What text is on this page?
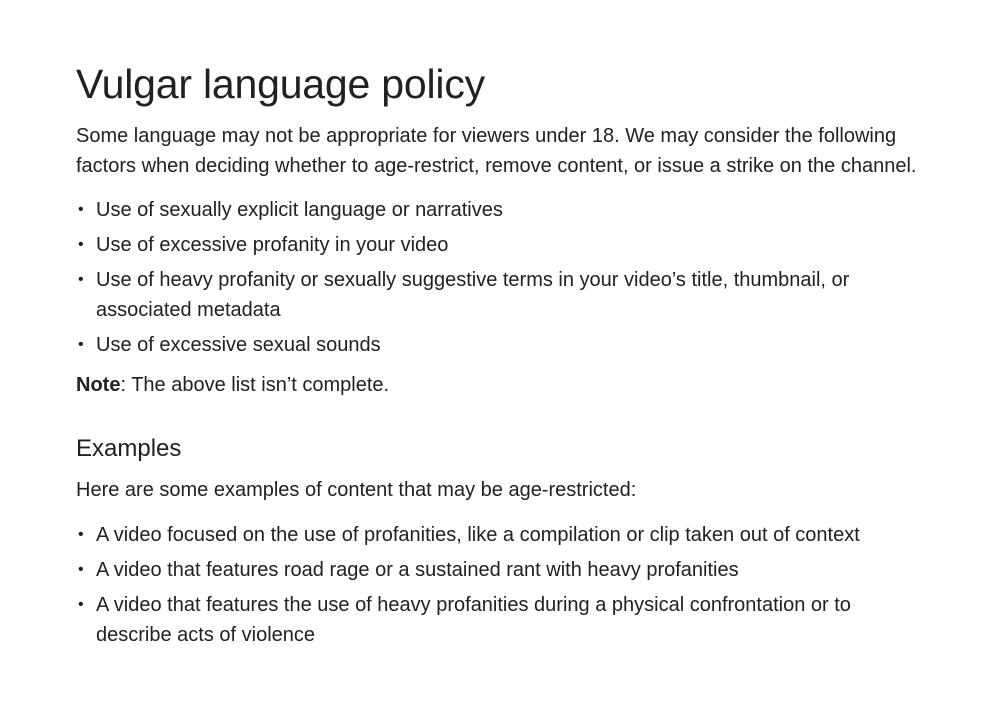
Vulgar language policy

Some language may not be appropriate for viewers under 18. We may consider the following factors when deciding whether to age-restrict, remove content, or issue a strike on the channel.

• Use of sexually explicit language or narratives
• Use of excessive profanity in your video
• Use of heavy profanity or sexually suggestive terms in your video’s title, thumbnail, or associated metadata
• Use of excessive sexual sounds

Note: The above list isn’t complete.

Examples

Here are some examples of content that may be age-restricted:

• A video focused on the use of profanities, like a compilation or clip taken out of context
• A video that features road rage or a sustained rant with heavy profanities
• A video that features the use of heavy profanities during a physical confrontation or to describe acts of violence
